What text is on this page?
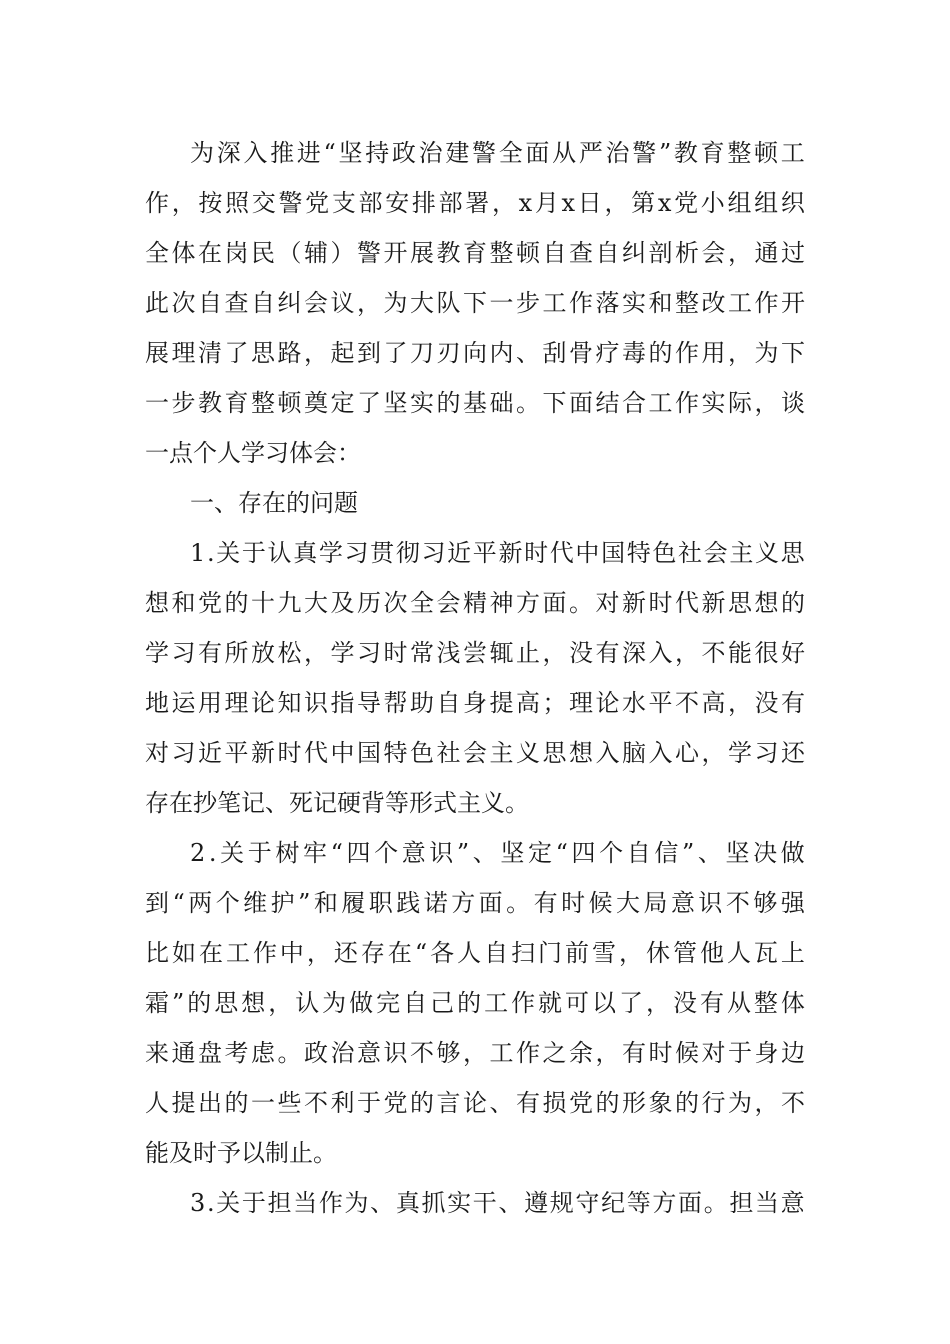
为 深 入 推 进 “ 坚 持 政 治 建 警 全 面 从 严 治 警 ” 教 育 整 顿 工
作 ， 按 照 交 警 党 支 部 安 排 部 署 ， x 月 x 日 ， 第 x 党 小 组 组 织
全 体 在 岗 民 （ 辅 ） 警 开 展 教 育 整 顿 自 查 自 纠 剖 析 会 ， 通 过
此 次 自 查 自 纠 会 议 ， 为 大 队 下 一 步 工 作 落 实 和 整 改 工 作 开
展 理 清 了 思 路 ， 起 到 了 刀 刃 向 内 、 刮 骨 疗 毒 的 作 用 ， 为 下
一 步 教 育 整 顿 奠 定 了 坚 实 的 基 础 。 下 面 结 合 工 作 实 际 ， 谈
一点个人学习体会：
一、存在的问题
1 . 关 于 认 真 学 习 贯 彻 习 近 平 新 时 代 中 国 特 色 社 会 主 义 思
想 和 党 的 十 九 大 及 历 次 全 会 精 神 方 面 。 对 新 时 代 新 思 想 的
学 习 有 所 放 松 ， 学 习 时 常 浅 尝 辄 止 ， 没 有 深 入 ， 不 能 很 好
地 运 用 理 论 知 识 指 导 帮 助 自 身 提 高 ； 理 论 水 平 不 高 ， 没 有
对 习 近 平 新 时 代 中 国 特 色 社 会 主 义 思 想 入 脑 入 心 ， 学 习 还
存在抄笔记、死记硬背等形式主义。
2 . 关 于 树 牢 “ 四 个 意 识 ” 、 坚 定 “ 四 个 自 信 ” 、 坚 决 做
到 “ 两 个 维 护 ” 和 履 职 践 诺 方 面 。 有 时 候 大 局 意 识 不 够 强
比 如 在 工 作 中 ， 还 存 在 “ 各 人 自 扫 门 前 雪 ， 休 管 他 人 瓦 上
霜 ” 的 思 想 ， 认 为 做 完 自 己 的 工 作 就 可 以 了 ， 没 有 从 整 体
来 通 盘 考 虑 。 政 治 意 识 不 够 ， 工 作 之 余 ， 有 时 候 对 于 身 边
人 提 出 的 一 些 不 利 于 党 的 言 论 、 有 损 党 的 形 象 的 行 为 ， 不
能及时予以制止。
3 . 关 于 担 当 作 为 、 真 抓 实 干 、 遵 规 守 纪 等 方 面 。 担 当 意
